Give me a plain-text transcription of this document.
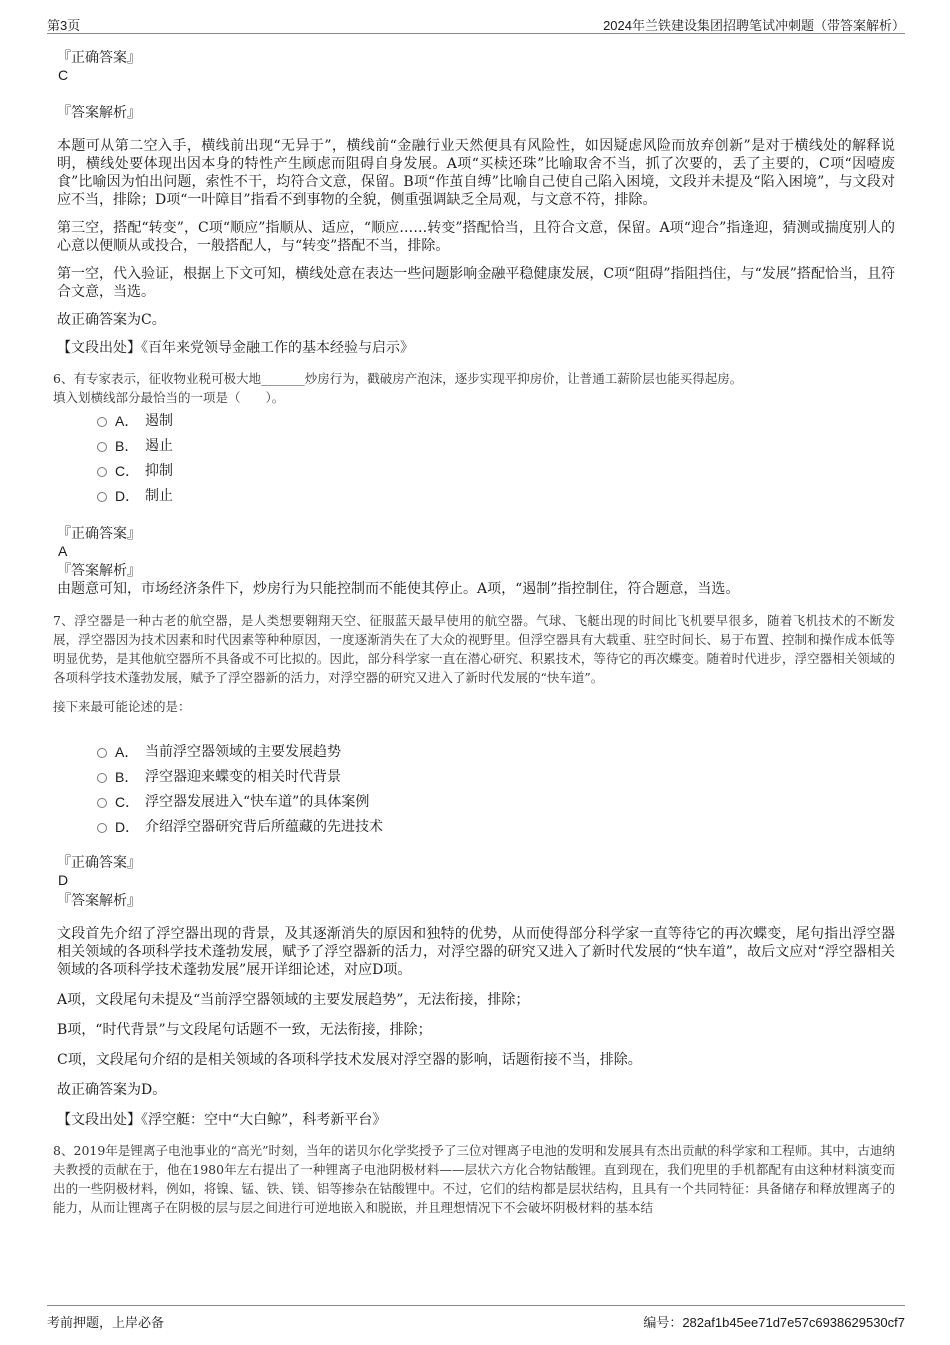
第3页	2024年兰铁建设集团招聘笔试冲刺题（带答案解析）

『正确答案』

C

『答案解析』

本题可从第二空入手，横线前出现“无异于”，横线前“金融行业天然便具有风险性，如因疑虑风险而放弃创新”是对于横线处的解释说明，横线处要体现出因本身的特性产生顾虑而阻碍自身发展。A项“买椟还珠”比喻取舍不当，抓了次要的，丢了主要的，C项“因噎废食”比喻因为怕出问题，索性不干，均符合文意，保留。B项“作茧自缚”比喻自己使自己陷入困境，文段并未提及“陷入困境”，与文段对应不当，排除；D项“一叶障目”指看不到事物的全貌，侧重强调缺乏全局观，与文意不符，排除。

第三空，搭配“转变”，C项“顺应”指顺从、适应，“顺应……转变”搭配恰当，且符合文意，保留。A项“迎合”指逢迎，猜测或揣度别人的心意以便顺从或投合，一般搭配人，与“转变”搭配不当，排除。

第一空，代入验证，根据上下文可知，横线处意在表达一些问题影响金融平稳健康发展，C项“阻碍”指阻挡住，与“发展”搭配恰当，且符合文意，当选。

故正确答案为C。

【文段出处】《百年来党领导金融工作的基本经验与启示》

6、有专家表示，征收物业税可极大地_______炒房行为，戳破房产泡沫，逐步实现平抑房价，让普通工薪阶层也能买得起房。

填入划横线部分最恰当的一项是（　　）。

A． 遏制
B． 遏止
C． 抑制
D． 制止

『正确答案』

A

『答案解析』

由题意可知，市场经济条件下，炒房行为只能控制而不能使其停止。A项，“遏制”指控制住，符合题意，当选。

7、浮空器是一种古老的航空器，是人类想要翱翔天空、征服蓝天最早使用的航空器。气球、飞艇出现的时间比飞机要早很多，随着飞机技术的不断发展，浮空器因为技术因素和时代因素等种种原因，一度逐渐消失在了大众的视野里。但浮空器具有大载重、驻空时间长、易于布置、控制和操作成本低等明显优势，是其他航空器所不具备或不可比拟的。因此，部分科学家一直在潜心研究、积累技术，等待它的再次蝶变。随着时代进步，浮空器相关领域的各项科学技术蓬勃发展，赋予了浮空器新的活力，对浮空器的研究又进入了新时代发展的“快车道”。

接下来最可能论述的是：

A． 当前浮空器领域的主要发展趋势
B． 浮空器迎来蝶变的相关时代背景
C． 浮空器发展进入“快车道”的具体案例
D． 介绍浮空器研究背后所蕴藏的先进技术

『正确答案』

D

『答案解析』

文段首先介绍了浮空器出现的背景，及其逐渐消失的原因和独特的优势，从而使得部分科学家一直等待它的再次蝶变，尾句指出浮空器相关领域的各项科学技术蓬勃发展，赋予了浮空器新的活力，对浮空器的研究又进入了新时代发展的“快车道”，故后文应对“浮空器相关领域的各项科学技术蓬勃发展”展开详细论述，对应D项。

A项，文段尾句未提及“当前浮空器领域的主要发展趋势”，无法衔接，排除；

B项，“时代背景”与文段尾句话题不一致，无法衔接，排除；

C项，文段尾句介绍的是相关领域的各项科学技术发展对浮空器的影响，话题衔接不当，排除。

故正确答案为D。

【文段出处】《浮空艇：空中“大白鲸”，科考新平台》

8、2019年是锂离子电池事业的“高光”时刻，当年的诺贝尔化学奖授予了三位对锂离子电池的发明和发展具有杰出贡献的科学家和工程师。其中，古迪纳夫教授的贡献在于，他在1980年左右提出了一种锂离子电池阴极材料——层状六方化合物钴酸锂。直到现在，我们兜里的手机都配有由这种材料演变而出的一些阴极材料，例如，将镍、锰、铁、镁、铝等掺杂在钴酸锂中。不过，它们的结构都是层状结构，且具有一个共同特征：具备储存和释放锂离子的能力，从而让锂离子在阴极的层与层之间进行可逆地嵌入和脱嵌，并且理想情况下不会破坏阴极材料的基本结

考前押题，上岸必备	编号：282af1b45ee71d7e57c6938629530cf7
